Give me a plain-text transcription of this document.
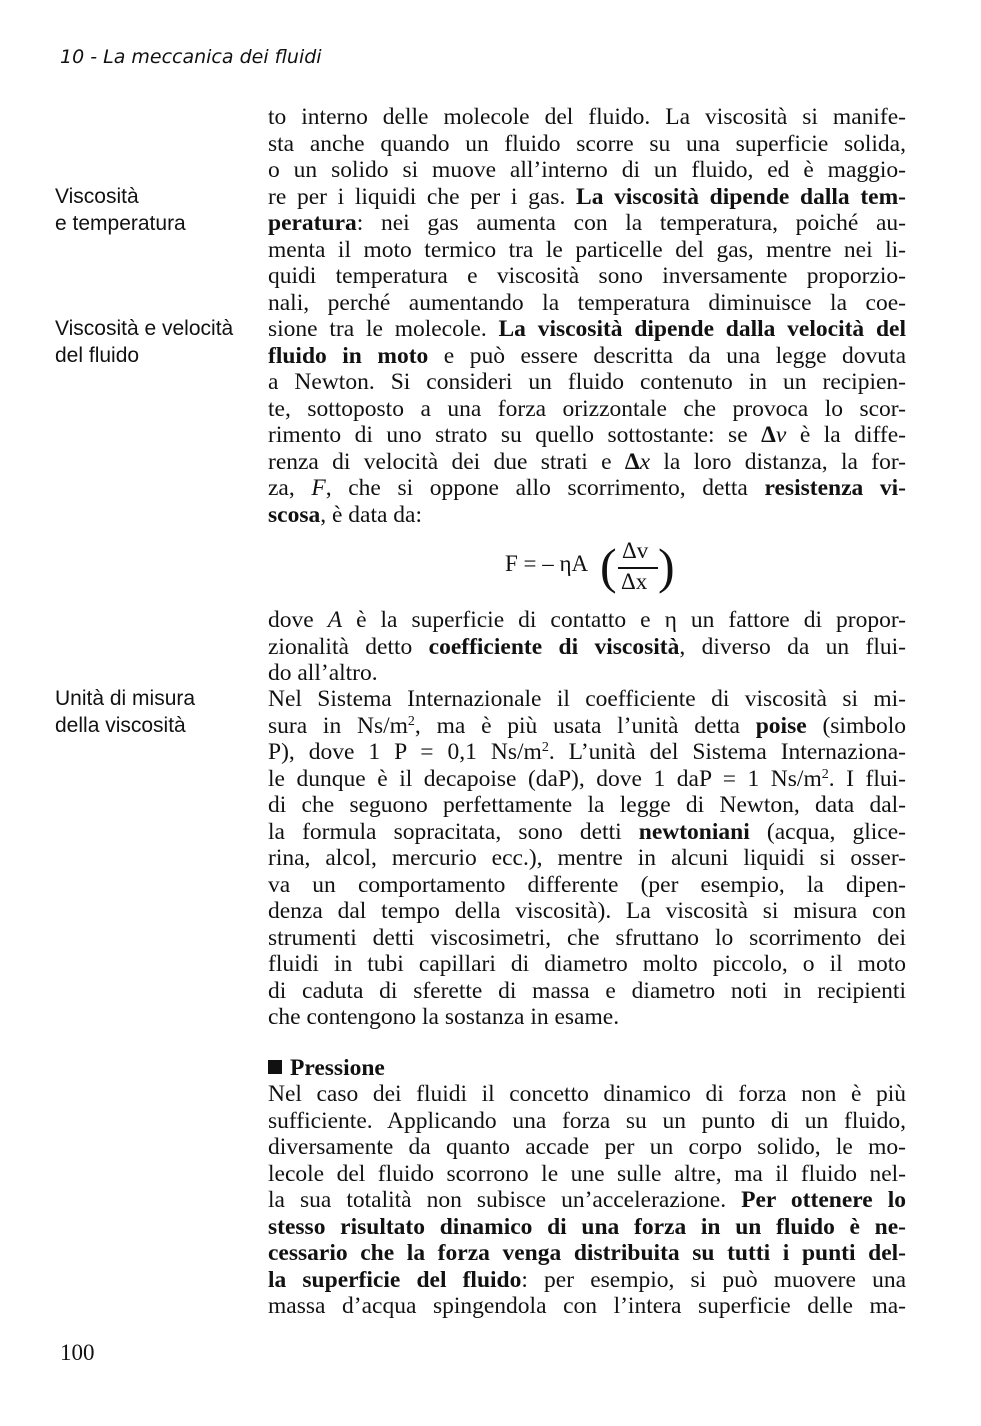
10 - La meccanica dei fluidi
Viscosità
e temperatura
Viscosità e velocità
del fluido
Unità di misura
della viscosità
to interno delle molecole del fluido. La viscosità si manife-
sta anche quando un fluido scorre su una superficie solida,
o un solido si muove all’interno di un fluido, ed è maggio-
re per i liquidi che per i gas. La viscosità dipende dalla tem-
peratura: nei gas aumenta con la temperatura, poiché au-
menta il moto termico tra le particelle del gas, mentre nei li-
quidi temperatura e viscosità sono inversamente proporzio-
nali, perché aumentando la temperatura diminuisce la coe-
sione tra le molecole. La viscosità dipende dalla velocità del
fluido in moto e può essere descritta da una legge dovuta
a Newton. Si consideri un fluido contenuto in un recipien-
te, sottoposto a una forza orizzontale che provoca lo scor-
rimento di uno strato su quello sottostante: se Δv è la diffe-
renza di velocità dei due strati e Δx la loro distanza, la for-
za, F, che si oppone allo scorrimento, detta resistenza vi-
scosa, è data da:
F = – ηA ( Δv
Δx )
dove A è la superficie di contatto e η un fattore di propor-
zionalità detto coefficiente di viscosità, diverso da un flui-
do all’altro.
Nel Sistema Internazionale il coefficiente di viscosità si mi-
sura in $Ns/m^2$, ma è più usata l’unità detta poise (simbolo
P), dove 1 P = 0,1 $Ns/m^2$. L’unità del Sistema Internaziona-
le dunque è il decapoise (daP), dove 1 daP = 1 $Ns/m^2$. I flui-
di che seguono perfettamente la legge di Newton, data dal-
la formula sopracitata, sono detti newtoniani (acqua, glice-
rina, alcol, mercurio ecc.), mentre in alcuni liquidi si osser-
va un comportamento differente (per esempio, la dipen-
denza dal tempo della viscosità). La viscosità si misura con
strumenti detti viscosimetri, che sfruttano lo scorrimento dei
fluidi in tubi capillari di diametro molto piccolo, o il moto
di caduta di sferette di massa e diametro noti in recipienti
che contengono la sostanza in esame.
Pressione
Nel caso dei fluidi il concetto dinamico di forza non è più
sufficiente. Applicando una forza su un punto di un fluido,
diversamente da quanto accade per un corpo solido, le mo-
lecole del fluido scorrono le une sulle altre, ma il fluido nel-
la sua totalità non subisce un’accelerazione. Per ottenere lo
stesso risultato dinamico di una forza in un fluido è ne-
cessario che la forza venga distribuita su tutti i punti del-
la superficie del fluido: per esempio, si può muovere una
massa d’acqua spingendola con l’intera superficie delle ma-
100
